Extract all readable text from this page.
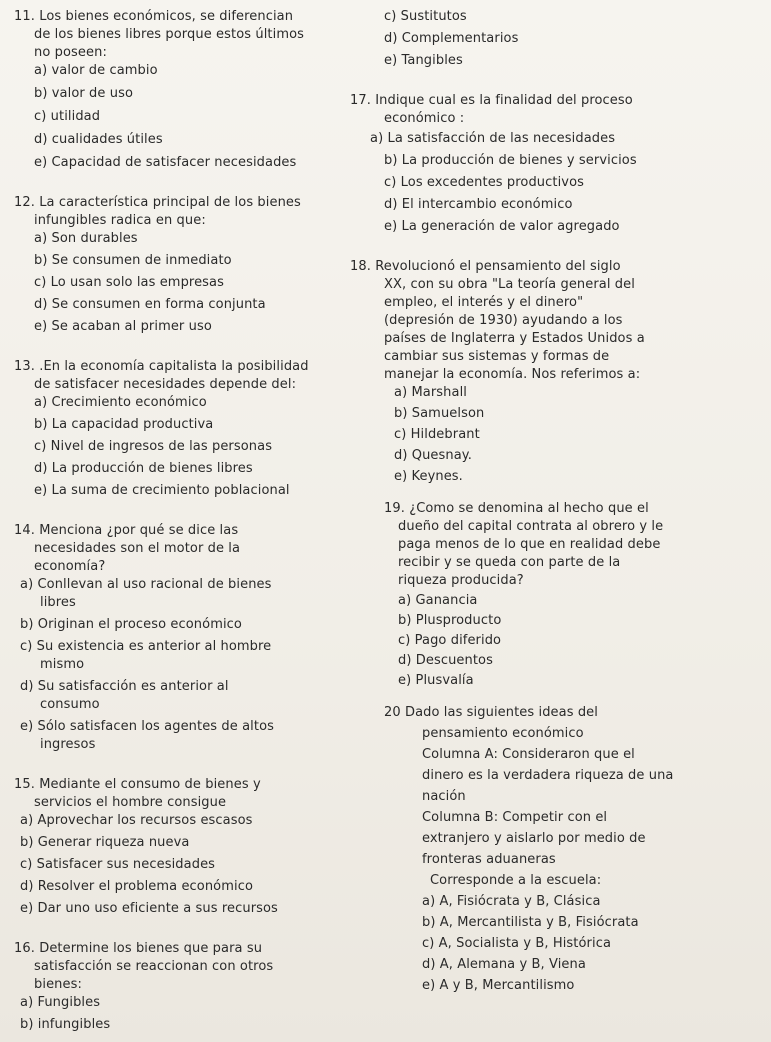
11. Los bienes económicos, se diferencian
de los bienes libres porque estos últimos
no poseen:
a) valor de cambio
b) valor de uso
c) utilidad
d) cualidades útiles
e) Capacidad de satisfacer necesidades
12. La característica principal de los bienes
infungibles radica en que:
a) Son durables
b) Se consumen de inmediato
c) Lo usan solo las empresas
d) Se consumen en forma conjunta
e) Se acaban al primer uso
13. .En la economía capitalista la posibilidad
de satisfacer necesidades depende del:
a) Crecimiento económico
b) La capacidad productiva
c) Nivel de ingresos de las personas
d) La producción de bienes libres
e) La suma de crecimiento poblacional
14. Menciona ¿por qué se dice las
necesidades son el motor de la
economía?
a) Conllevan al uso racional de bienes
libres
b) Originan el proceso económico
c) Su existencia es anterior al hombre
mismo
d) Su satisfacción es anterior al
consumo
e) Sólo satisfacen los agentes de altos
ingresos
15. Mediante el consumo de bienes y
servicios el hombre consigue
a) Aprovechar los recursos escasos
b) Generar riqueza nueva
c) Satisfacer sus necesidades
d) Resolver el problema económico
e) Dar uno uso eficiente a sus recursos
16. Determine los bienes que para su
satisfacción se reaccionan con otros
bienes:
a) Fungibles
b) infungibles
c) Sustitutos
d) Complementarios
e) Tangibles
17. Indique cual es la finalidad del proceso
económico :
a) La satisfacción de las necesidades
b) La producción de bienes y servicios
c) Los excedentes productivos
d) El intercambio económico
e) La generación de valor agregado
18. Revolucionó el pensamiento del siglo
XX, con su obra "La teoría general del
empleo, el interés y el dinero"
(depresión de 1930) ayudando a los
países de Inglaterra y Estados Unidos a
cambiar sus sistemas y formas de
manejar la economía. Nos referimos a:
a) Marshall
b) Samuelson
c) Hildebrant
d) Quesnay.
e) Keynes.
19. ¿Como se denomina al hecho que el
dueño del capital contrata al obrero y le
paga menos de lo que en realidad debe
recibir y se queda con parte de la
riqueza producida?
a) Ganancia
b) Plusproducto
c) Pago diferido
d) Descuentos
e) Plusvalía
20 Dado las siguientes ideas del
pensamiento económico
Columna A: Consideraron que el
dinero es la verdadera riqueza de una
nación
Columna B: Competir con el
extranjero y aislarlo por medio de
fronteras aduaneras
Corresponde a la escuela:
a) A, Fisiócrata y B, Clásica
b) A, Mercantilista y B, Fisiócrata
c) A, Socialista y B, Histórica
d) A, Alemana y B, Viena
e) A y B, Mercantilismo
